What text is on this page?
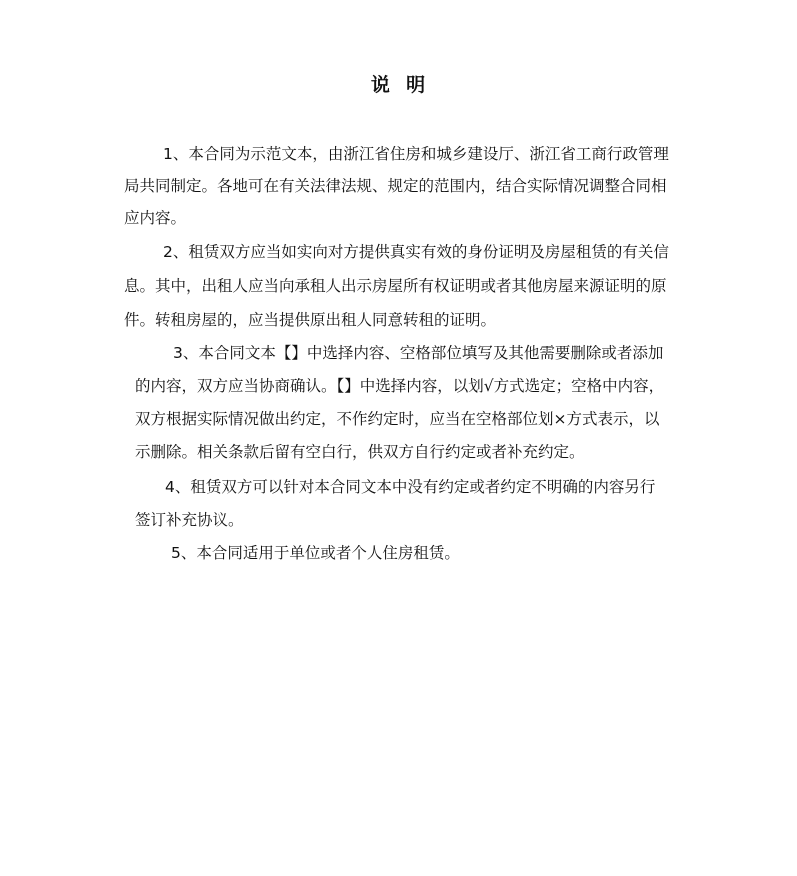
说  明
1、本合同为示范文本，由浙江省住房和城乡建设厅、浙江省工商行政管理
局共同制定。各地可在有关法律法规、规定的范围内，结合实际情况调整合同相
应内容。
2、租赁双方应当如实向对方提供真实有效的身份证明及房屋租赁的有关信
息。其中，出租人应当向承租人出示房屋所有权证明或者其他房屋来源证明的原
件。转租房屋的，应当提供原出租人同意转租的证明。
3、本合同文本【】中选择内容、空格部位填写及其他需要删除或者添加
的内容，双方应当协商确认。【】中选择内容，以划√方式选定；空格中内容，
双方根据实际情况做出约定，不作约定时，应当在空格部位划×方式表示，以
示删除。相关条款后留有空白行，供双方自行约定或者补充约定。
4、租赁双方可以针对本合同文本中没有约定或者约定不明确的内容另行
签订补充协议。
5、本合同适用于单位或者个人住房租赁。
